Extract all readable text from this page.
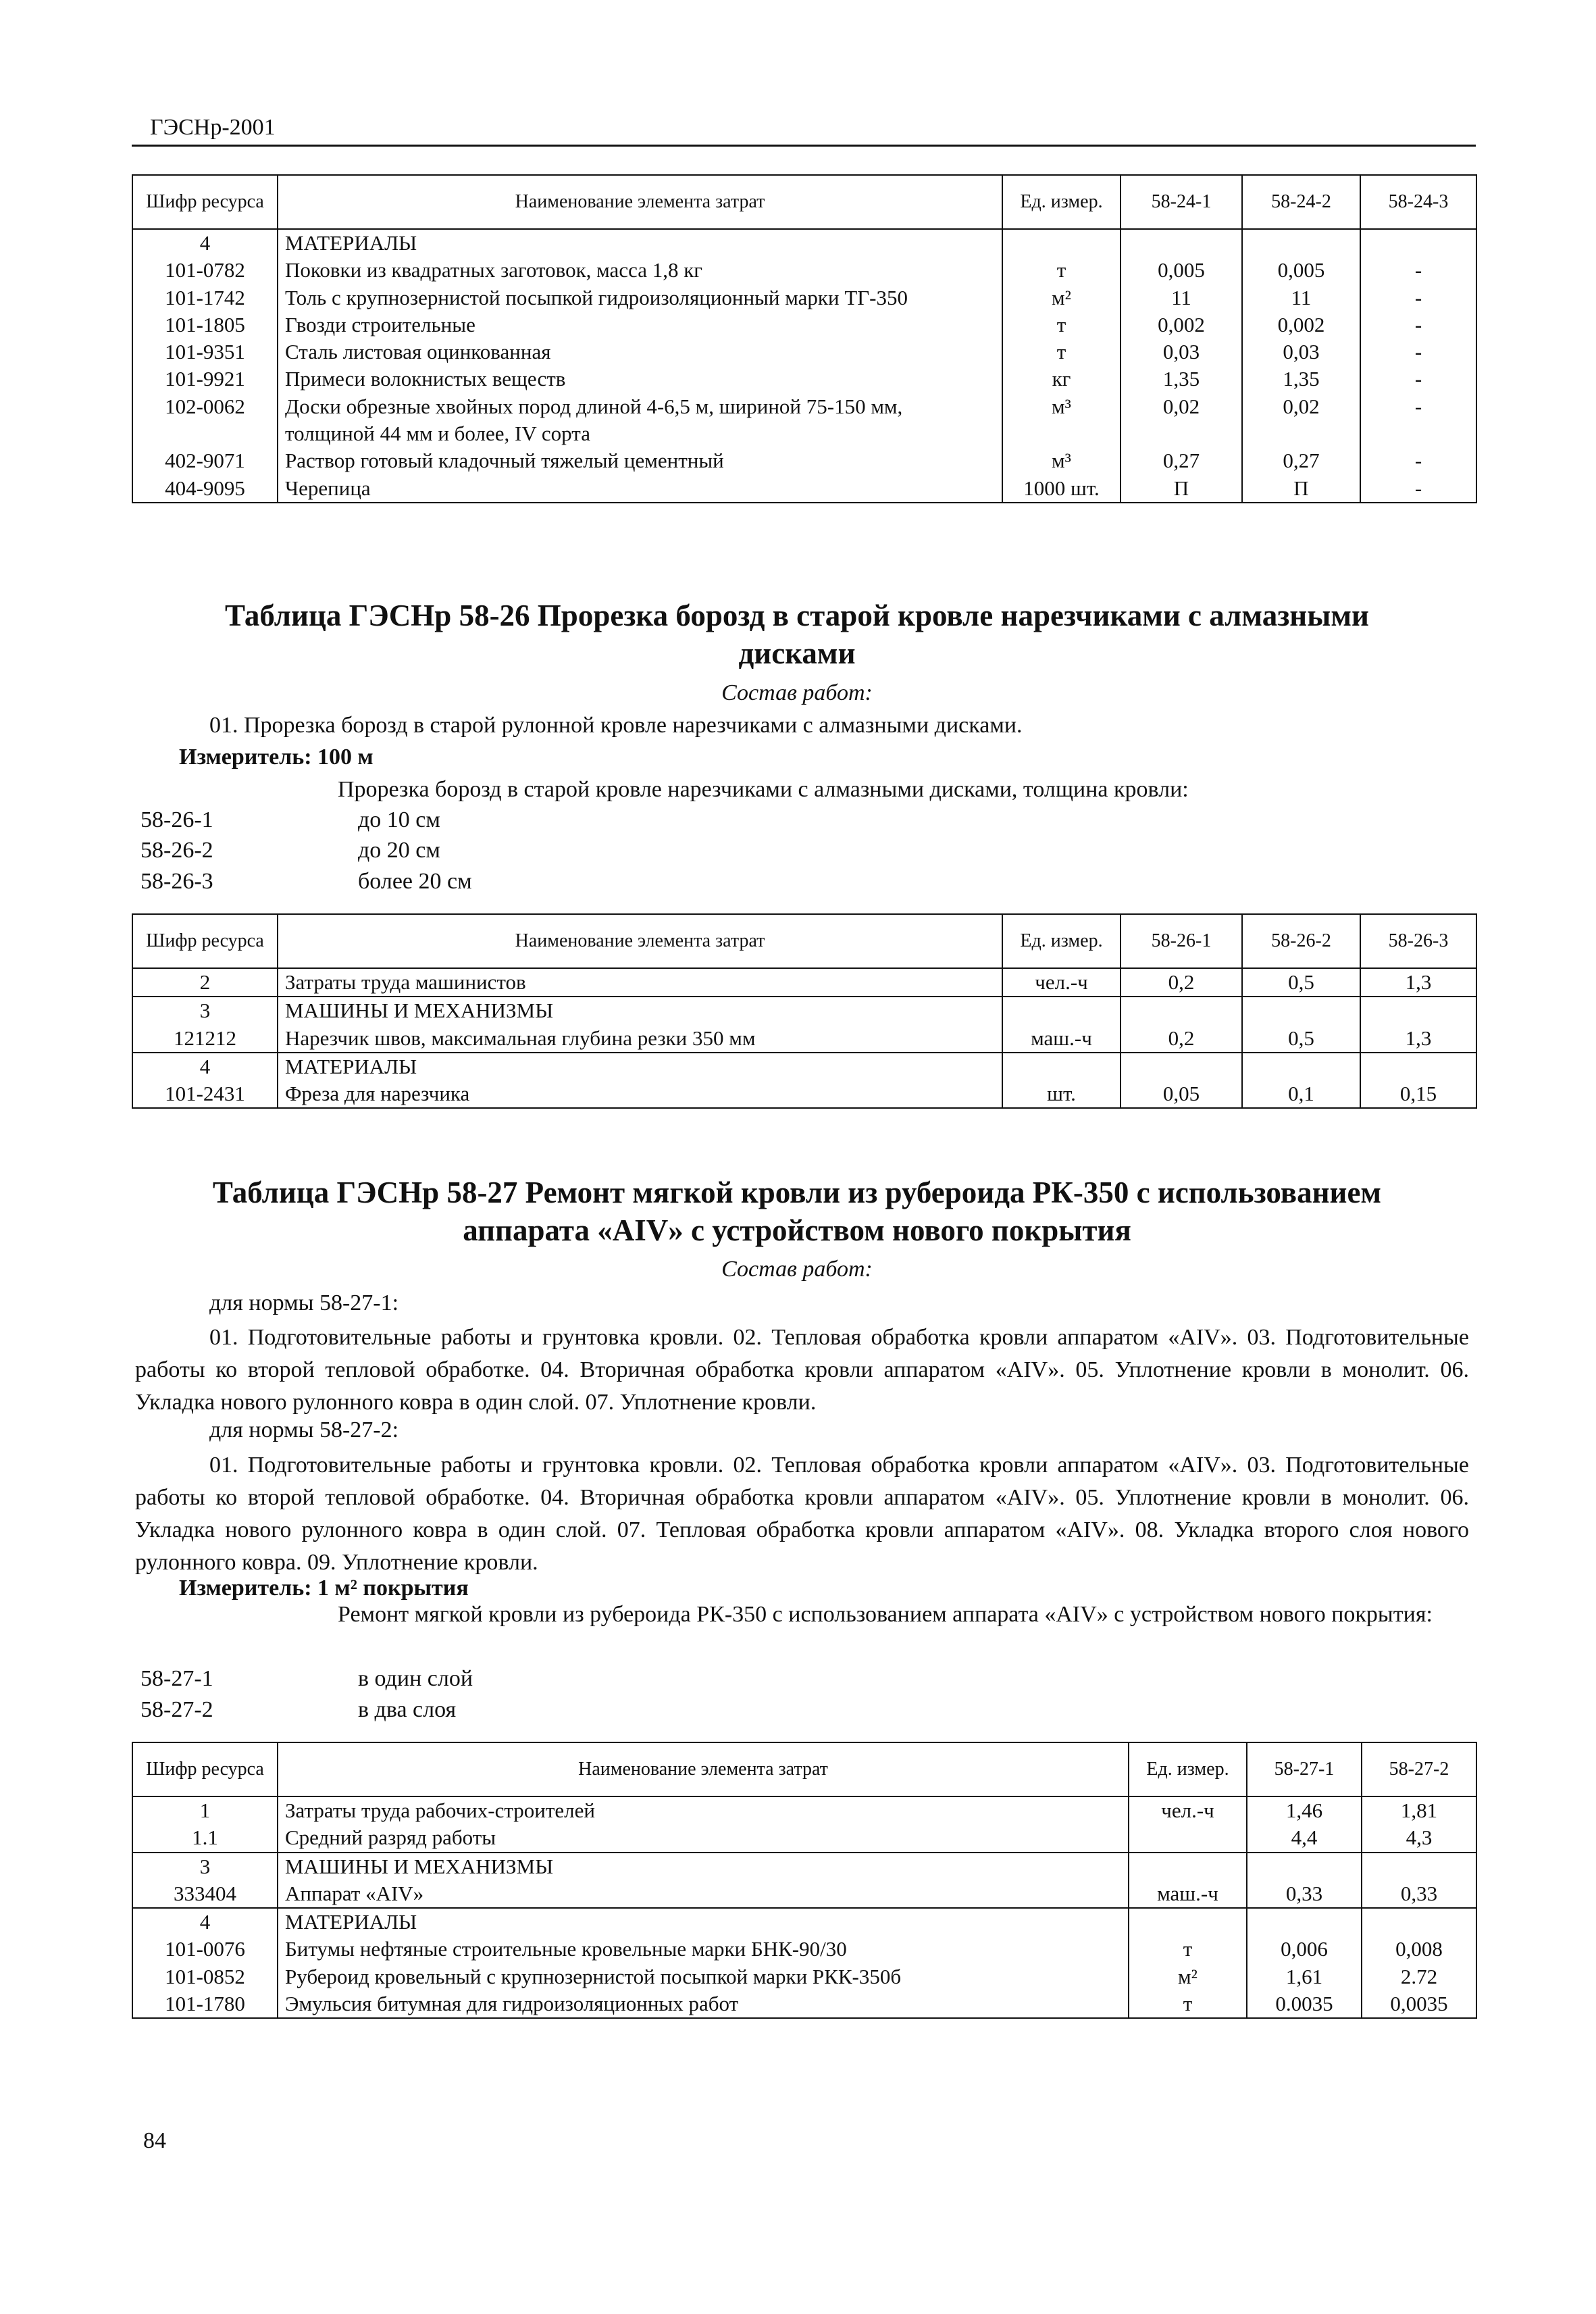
ГЭСНр-2001
Шифр ресурса	Наименование элемента затрат	Ед. измер.	58-24-1	58-24-2	58-24-3
4	МАТЕРИАЛЫ				
101-0782	Поковки из квадратных заготовок, масса 1,8 кг	т	0,005	0,005	-
101-1742	Толь с крупнозернистой посыпкой гидроизоляционный марки ТГ-350	м²	11	11	-
101-1805	Гвозди строительные	т	0,002	0,002	-
101-9351	Сталь листовая оцинкованная	т	0,03	0,03	-
101-9921	Примеси волокнистых веществ	кг	1,35	1,35	-
102-0062	Доски обрезные хвойных пород длиной 4-6,5 м, шириной 75-150 мм, толщиной 44 мм и более, IV сорта	м³	0,02	0,02	-
402-9071	Раствор готовый кладочный тяжелый цементный	м³	0,27	0,27	-
404-9095	Черепица	1000 шт.	П	П	-
Таблица ГЭСНр 58-26 Прорезка борозд в старой кровле нарезчиками с алмазными
дисками
Состав работ:
01. Прорезка борозд в старой рулонной кровле нарезчиками с алмазными дисками.
Измеритель: 100 м
Прорезка борозд в старой кровле нарезчиками с алмазными дисками, толщина кровли:
58-26-1	до 10 см
58-26-2	до 20 см
58-26-3	более 20 см
Шифр ресурса	Наименование элемента затрат	Ед. измер.	58-26-1	58-26-2	58-26-3
2	Затраты труда машинистов	чел.-ч	0,2	0,5	1,3
3	МАШИНЫ И МЕХАНИЗМЫ				
121212	Нарезчик швов, максимальная глубина резки 350 мм	маш.-ч	0,2	0,5	1,3
4	МАТЕРИАЛЫ				
101-2431	Фреза для нарезчика	шт.	0,05	0,1	0,15
Таблица ГЭСНр 58-27 Ремонт мягкой кровли из рубероида РК-350 с использованием
аппарата «AIV» с устройством нового покрытия
Состав работ:
для нормы 58-27-1:
01. Подготовительные работы и грунтовка кровли. 02. Тепловая обработка кровли аппаратом «AIV». 03. Подготовительные работы ко второй тепловой обработке. 04. Вторичная обработка кровли аппаратом «AIV». 05. Уплотнение кровли в монолит. 06. Укладка нового рулонного ковра в один слой. 07. Уплотнение кровли.
для нормы 58-27-2:
01. Подготовительные работы и грунтовка кровли. 02. Тепловая обработка кровли аппаратом «AIV». 03. Подготовительные работы ко второй тепловой обработке. 04. Вторичная обработка кровли аппаратом «AIV». 05. Уплотнение кровли в монолит. 06. Укладка нового рулонного ковра в один слой. 07. Тепловая обработка кровли аппаратом «AIV». 08. Укладка второго слоя нового рулонного ковра. 09. Уплотнение кровли.
Измеритель: 1 м² покрытия
Ремонт мягкой кровли из рубероида РК-350 с использованием аппарата «AIV» с устройством нового покрытия:
58-27-1	в один слой
58-27-2	в два слоя
Шифр ресурса	Наименование элемента затрат	Ед. измер.	58-27-1	58-27-2
1	Затраты труда рабочих-строителей	чел.-ч	1,46	1,81
1.1	Средний разряд работы		4,4	4,3
3	МАШИНЫ И МЕХАНИЗМЫ			
333404	Аппарат «AIV»	маш.-ч	0,33	0,33
4	МАТЕРИАЛЫ			
101-0076	Битумы нефтяные строительные кровельные марки БНК-90/30	т	0,006	0,008
101-0852	Рубероид кровельный с крупнозернистой посыпкой марки РКК-350б	м²	1,61	2.72
101-1780	Эмульсия битумная для гидроизоляционных работ	т	0.0035	0,0035
84
